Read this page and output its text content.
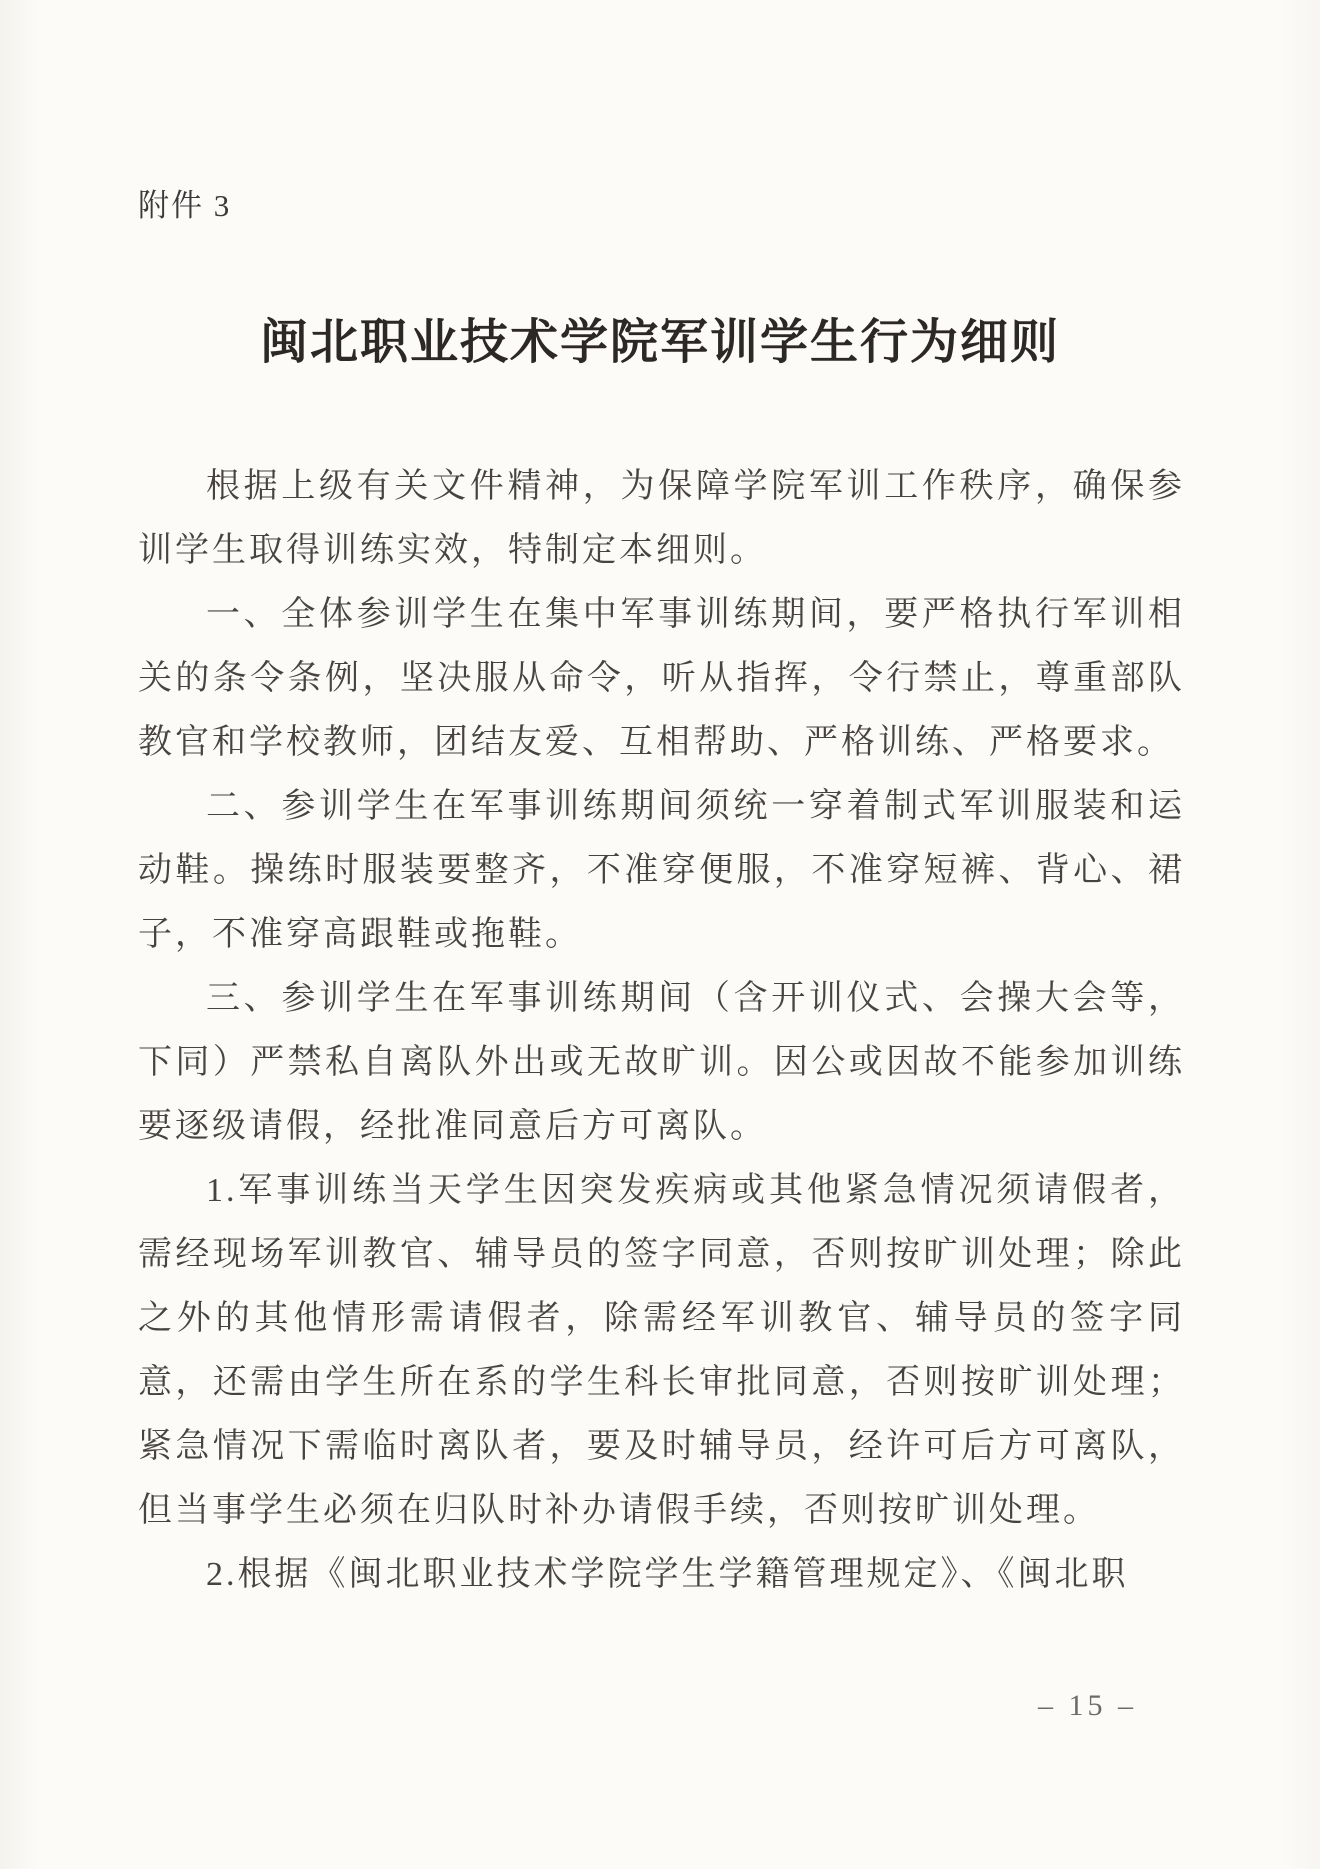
附件 3
闽北职业技术学院军训学生行为细则

根据上级有关文件精神，为保障学院军训工作秩序，确保参训学生取得训练实效，特制定本细则。

一、全体参训学生在集中军事训练期间，要严格执行军训相关的条令条例，坚决服从命令，听从指挥，令行禁止，尊重部队教官和学校教师，团结友爱、互相帮助、严格训练、严格要求。

二、参训学生在军事训练期间须统一穿着制式军训服装和运动鞋。操练时服装要整齐，不准穿便服，不准穿短裤、背心、裙子，不准穿高跟鞋或拖鞋。

三、参训学生在军事训练期间（含开训仪式、会操大会等，下同）严禁私自离队外出或无故旷训。因公或因故不能参加训练要逐级请假，经批准同意后方可离队。

1.军事训练当天学生因突发疾病或其他紧急情况须请假者，需经现场军训教官、辅导员的签字同意，否则按旷训处理；除此之外的其他情形需请假者，除需经军训教官、辅导员的签字同意，还需由学生所在系的学生科长审批同意，否则按旷训处理；紧急情况下需临时离队者，要及时辅导员，经许可后方可离队，但当事学生必须在归队时补办请假手续，否则按旷训处理。

2.根据《闽北职业技术学院学生学籍管理规定》、《闽北职

– 15 –
